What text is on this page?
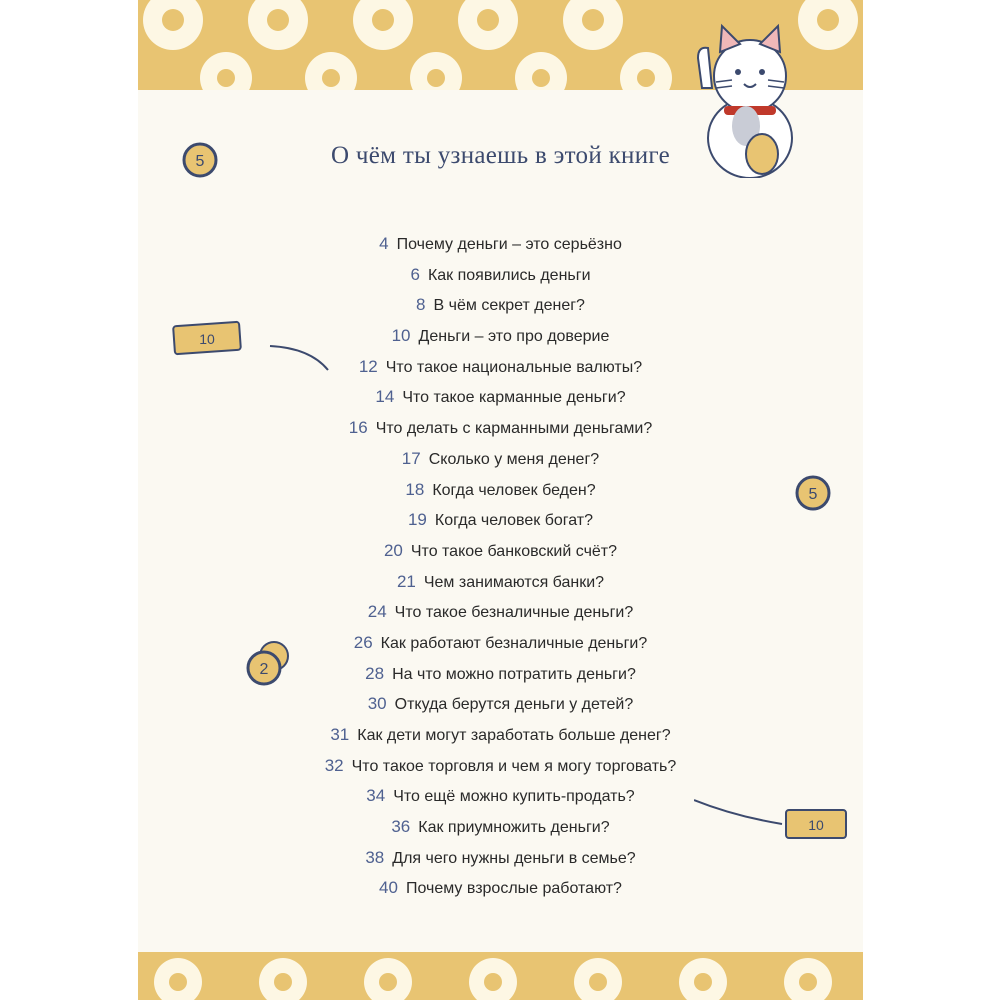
О чём ты узнаешь в этой книге
5
10
5
2
10
4 Почему деньги – это серьёзно
6 Как появились деньги
8 В чём секрет денег?
10 Деньги – это про доверие
12 Что такое национальные валюты?
14 Что такое карманные деньги?
16 Что делать с карманными деньгами?
17 Сколько у меня денег?
18 Когда человек беден?
19 Когда человек богат?
20 Что такое банковский счёт?
21 Чем занимаются банки?
24 Что такое безналичные деньги?
26 Как работают безналичные деньги?
28 На что можно потратить деньги?
30 Откуда берутся деньги у детей?
31 Как дети могут заработать больше денег?
32 Что такое торговля и чем я могу торговать?
34 Что ещё можно купить-продать?
36 Как приумножить деньги?
38 Для чего нужны деньги в семье?
40 Почему взрослые работают?
